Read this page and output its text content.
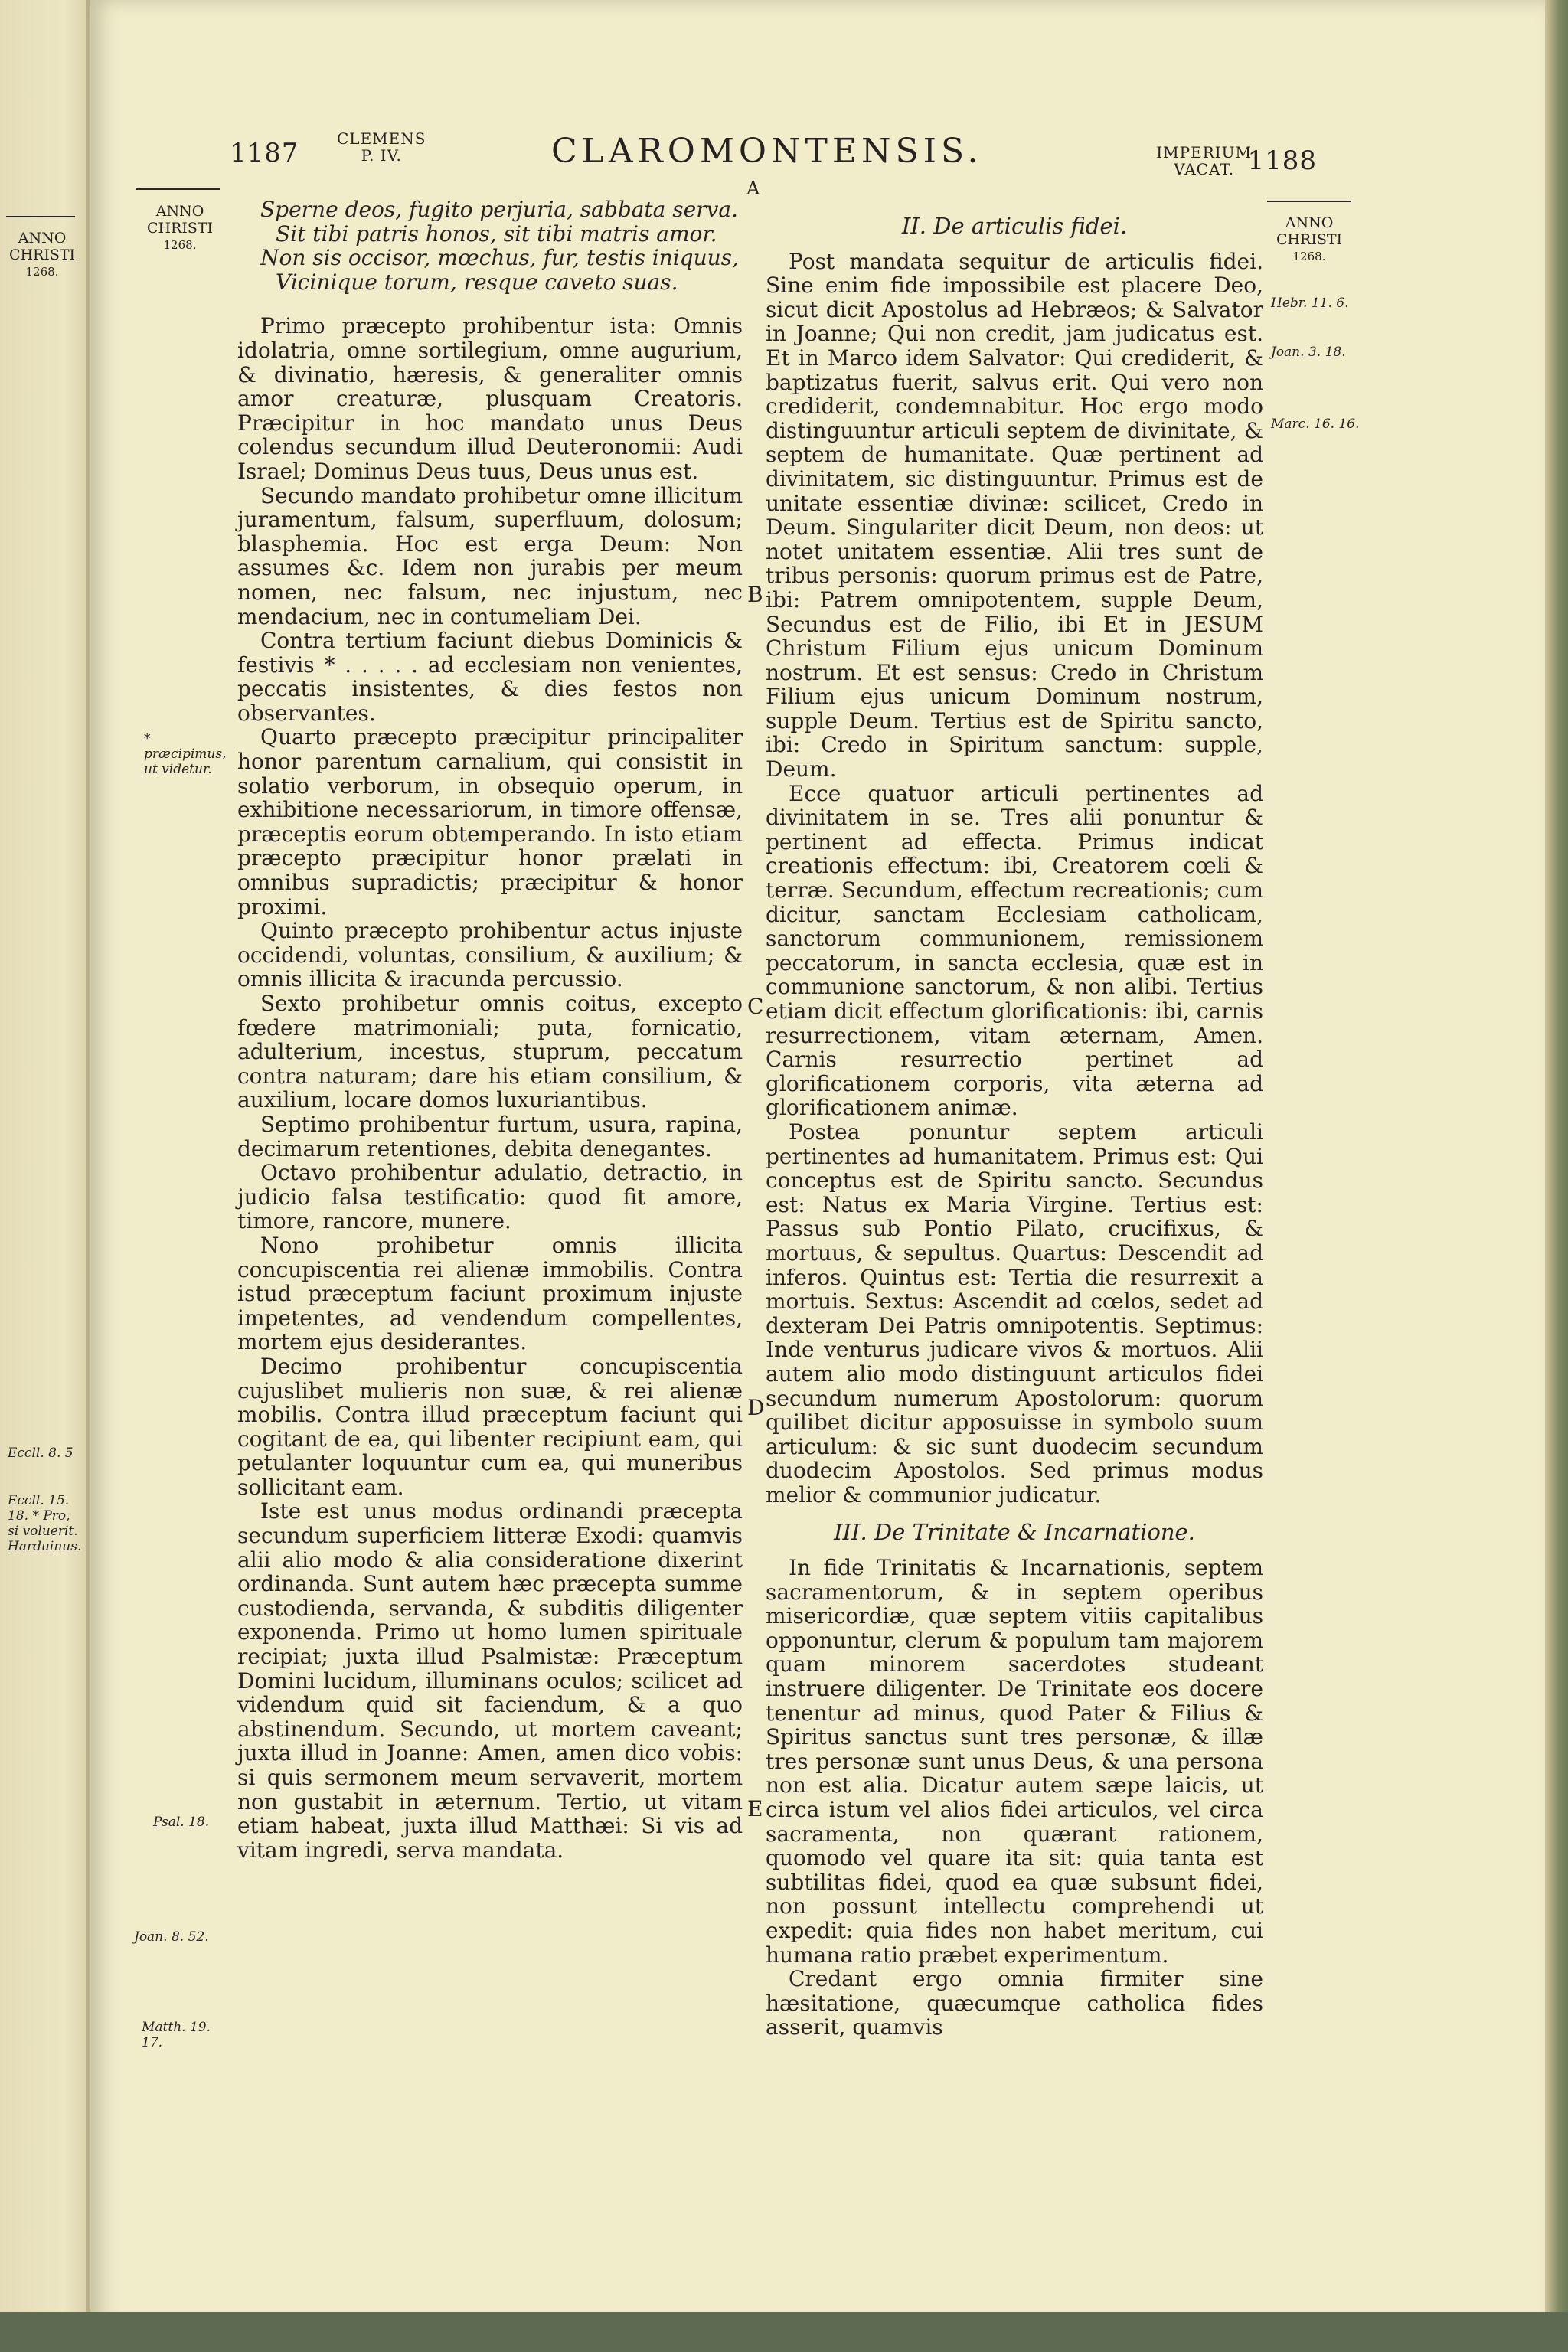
ANNO
CHRISTI
1268.
1187 CLEMENS
P. IV.	CLAROMONTENSIS.
A
IMPERIUM
VACAT. 1188
ANNO
CHRISTI
1268.
ANNO
CHRISTI
1268.
Sperne deos, fugito perjuria, sabbata serva.
Sit tibi patris honos, sit tibi matris amor.
Non sis occisor, mœchus, fur, testis iniquus,
Vicinique torum, resque caveto suas.

Primo præcepto prohibentur ista: Omnis idolatria, omne sortilegium, omne augurium, & divinatio, hæresis, & generaliter omnis amor creaturæ, plusquam Creatoris. Præcipitur in hoc mandato unus Deus colendus secundum illud Deuteronomii: Audi Israel; Dominus Deus tuus, Deus unus est.

Secundo mandato prohibetur omne illicitum juramentum, falsum, superfluum, dolosum; blasphemia. Hoc est erga Deum: Non assumes &c. Idem non jurabis per meum nomen, nec falsum, nec injustum, nec mendacium, nec in contumeliam Dei.

Contra tertium faciunt diebus Dominicis & festivis * . . . . . ad ecclesiam non venientes, peccatis insistentes, & dies festos non observantes.

Quarto præcepto præcipitur principaliter honor parentum carnalium, qui consistit in solatio verborum, in obsequio operum, in exhibitione necessariorum, in timore offensæ, præceptis eorum obtemperando. In isto etiam præcepto præcipitur honor prælati in omnibus supradictis; præcipitur & honor proximi.

Quinto præcepto prohibentur actus injuste occidendi, voluntas, consilium, & auxilium; & omnis illicita & iracunda percussio.

Sexto prohibetur omnis coitus, excepto fœdere matrimoniali; puta, fornicatio, adulterium, incestus, stuprum, peccatum contra naturam; dare his etiam consilium, & auxilium, locare domos luxuriantibus.

Septimo prohibentur furtum, usura, rapina, decimarum retentiones, debita denegantes.

Octavo prohibentur adulatio, detractio, in judicio falsa testificatio: quod fit amore, timore, rancore, munere.

Nono prohibetur omnis illicita concupiscentia rei alienæ immobilis. Contra istud præceptum faciunt proximum injuste impetentes, ad vendendum compellentes, mortem ejus desiderantes.

Decimo prohibentur concupiscentia cujuslibet mulieris non suæ, & rei alienæ mobilis. Contra illud præceptum faciunt qui cogitant de ea, qui libenter recipiunt eam, qui petulanter loquuntur cum ea, qui muneribus sollicitant eam.

Iste est unus modus ordinandi præcepta secundum superficiem litteræ Exodi: quamvis alii alio modo & alia consideratione dixerint ordinanda. Sunt autem hæc præcepta summe custodienda, servanda, & subditis diligenter exponenda. Primo ut homo lumen spirituale recipiat; juxta illud Psalmistæ: Præceptum Domini lucidum, illuminans oculos; scilicet ad videndum quid sit faciendum, & a quo abstinendum. Secundo, ut mortem caveant; juxta illud in Joanne: Amen, amen dico vobis: si quis sermonem meum servaverit, mortem non gustabit in æternum. Tertio, ut vitam etiam habeat, juxta illud Matthæi: Si vis ad vitam ingredi, serva mandata.

II. De articulis fidei.

Post mandata sequitur de articulis fidei. Sine enim fide impossibile est placere Deo, sicut dicit Apostolus ad Hebræos; & Salvator in Joanne; Qui non credit, jam judicatus est. Et in Marco idem Salvator: Qui crediderit, & baptizatus fuerit, salvus erit. Qui vero non crediderit, condemnabitur. Hoc ergo modo distinguuntur articuli septem de divinitate, & septem de humanitate. Quæ pertinent ad divinitatem, sic distinguuntur. Primus est de unitate essentiæ divinæ: scilicet, Credo in Deum. Singulariter dicit Deum, non deos: ut notet unitatem essentiæ. Alii tres sunt de tribus personis: quorum primus est de Patre, ibi: Patrem omnipotentem, supple Deum, Secundus est de Filio, ibi Et in JESUM Christum Filium ejus unicum Dominum nostrum. Et est sensus: Credo in Christum Filium ejus unicum Dominum nostrum, supple Deum. Tertius est de Spiritu sancto, ibi: Credo in Spiritum sanctum: supple, Deum.

Ecce quatuor articuli pertinentes ad divinitatem in se. Tres alii ponuntur & pertinent ad effecta. Primus indicat creationis effectum: ibi, Creatorem cœli & terræ. Secundum, effectum recreationis; cum dicitur, sanctam Ecclesiam catholicam, sanctorum communionem, remissionem peccatorum, in sancta ecclesia, quæ est in communione sanctorum, & non alibi. Tertius etiam dicit effectum glorificationis: ibi, carnis resurrectionem, vitam æternam, Amen. Carnis resurrectio pertinet ad glorificationem corporis, vita æterna ad glorificationem animæ.

Postea ponuntur septem articuli pertinentes ad humanitatem. Primus est: Qui conceptus est de Spiritu sancto. Secundus est: Natus ex Maria Virgine. Tertius est: Passus sub Pontio Pilato, crucifixus, & mortuus, & sepultus. Quartus: Descendit ad inferos. Quintus est: Tertia die resurrexit a mortuis. Sextus: Ascendit ad cœlos, sedet ad dexteram Dei Patris omnipotentis. Septimus: Inde venturus judicare vivos & mortuos. Alii autem alio modo distinguunt articulos fidei secundum numerum Apostolorum: quorum quilibet dicitur apposuisse in symbolo suum articulum: & sic sunt duodecim secundum duodecim Apostolos. Sed primus modus melior & communior judicatur.

III. De Trinitate & Incarnatione.

In fide Trinitatis & Incarnationis, septem sacramentorum, & in septem operibus misericordiæ, quæ septem vitiis capitalibus opponuntur, clerum & populum tam majorem quam minorem sacerdotes studeant instruere diligenter. De Trinitate eos docere tenentur ad minus, quod Pater & Filius & Spiritus sanctus sunt tres personæ, & illæ tres personæ sunt unus Deus, & una persona non est alia. Dicatur autem sæpe laicis, ut circa istum vel alios fidei articulos, vel circa sacramenta, non quærant rationem, quomodo vel quare ita sit: quia tanta est subtilitas fidei, quod ea quæ subsunt fidei, non possunt intellectu comprehendi ut expedit: quia fides non habet meritum, cui humana ratio præbet experimentum.

Credant ergo omnia firmiter sine hæsitatione, quæcumque catholica fides asserit, quamvis

B
C
D
E
* præcipimus, ut videtur.
Eccll. 8. 5
Eccll. 15. 18. * Pro, si voluerit. Harduinus.
Psal. 18.
Joan. 8. 52.
Matth. 19. 17.
Hebr. 11. 6.
Joan. 3. 18.
Marc. 16. 16.
